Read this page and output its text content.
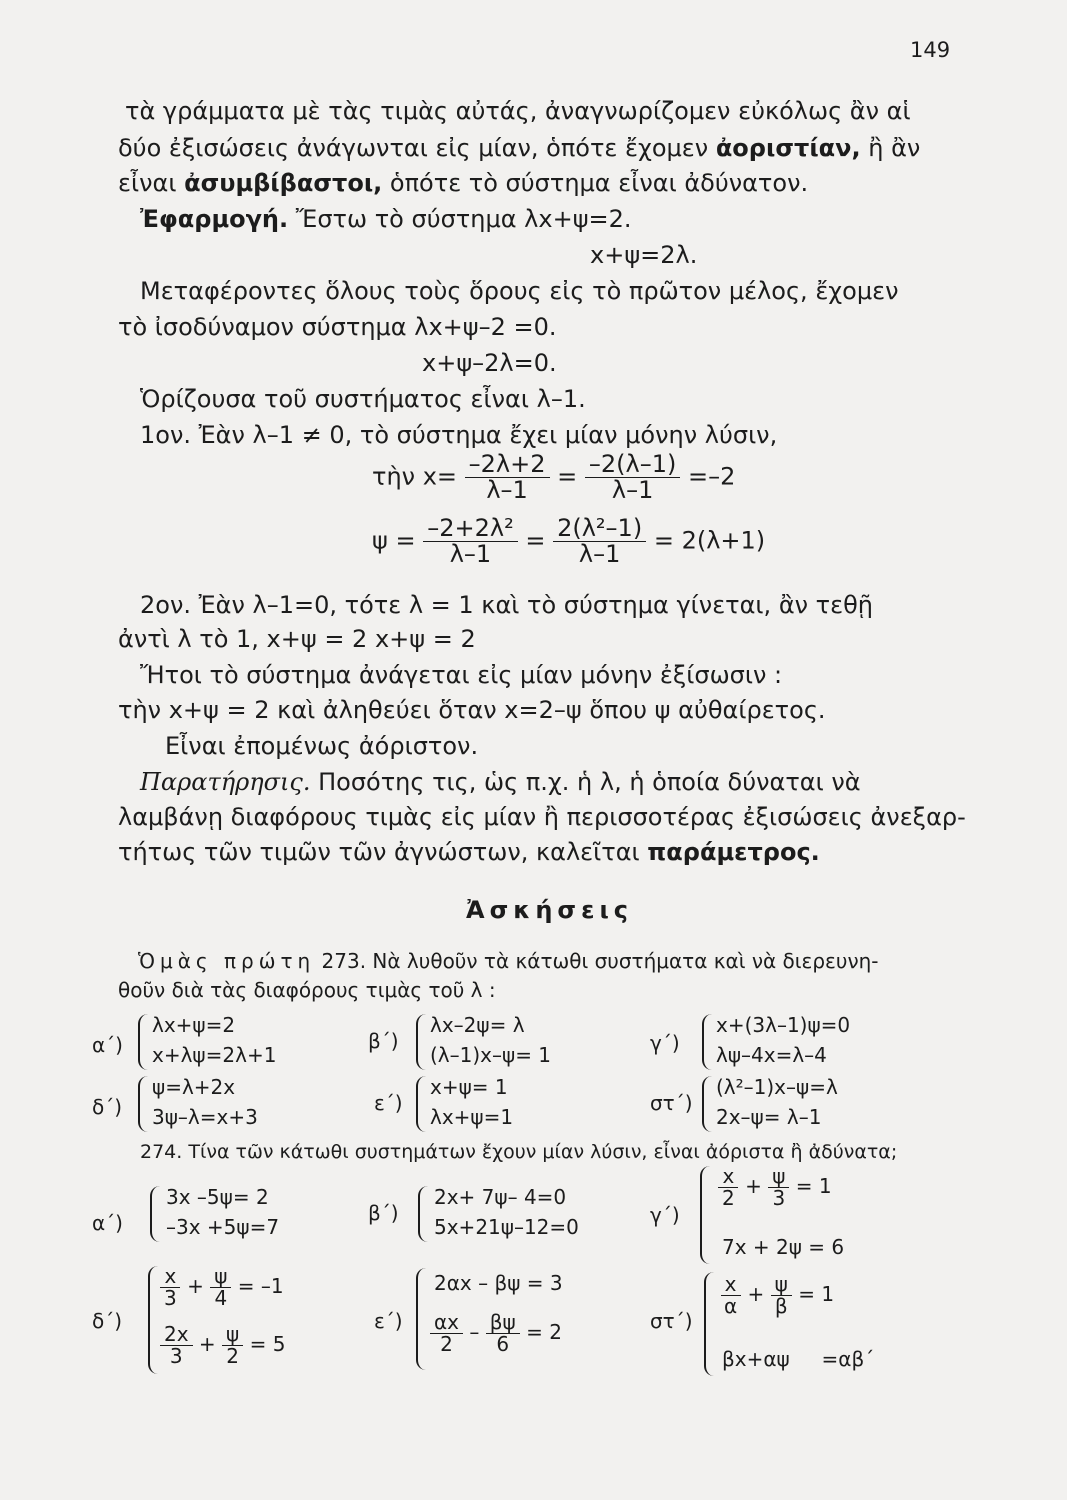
149
τὰ γράμματα μὲ τὰς τιμὰς αὐτάς, ἀναγνωρίζομεν εὐκόλως ἂν αἱ
δύο ἐξισώσεις ἀνάγωνται εἰς μίαν, ὁπότε ἔχομεν ἀοριστίαν, ἢ ἂν
εἶναι ἀσυμβίβαστοι, ὁπότε τὸ σύστημα εἶναι ἀδύνατον.
Ἐφαρμογή. Ἔστω τὸ σύστημα λx+ψ=2.
x+ψ=2λ.
Μεταφέροντες ὅλους τοὺς ὅρους εἰς τὸ πρῶτον μέλος, ἔχομεν
τὸ ἰσοδύναμον σύστημα λx+ψ–2 =0.
x+ψ–2λ=0.
Ὁρίζουσα τοῦ συστήματος εἶναι λ–1.
1ον. Ἐὰν λ–1 ≠ 0, τὸ σύστημα ἔχει μίαν μόνην λύσιν,
τὴν $x= \frac{-2\lambda+2}{\lambda-1} = \frac{-2(\lambda-1)}{\lambda-1} =-2$
$\psi = \frac{\text{–2+2λ²}}{\lambda-1} = \frac{\text{2(λ²–1)}}{\lambda-1} = 2(\lambda+1)$
2ον. Ἐὰν λ–1=0, τότε λ = 1 καὶ τὸ σύστημα γίνεται, ἂν τεθῇ
ἀντὶ λ τὸ 1, x+ψ = 2 x+ψ = 2
Ἤτοι τὸ σύστημα ἀνάγεται εἰς μίαν μόνην ἐξίσωσιν :
τὴν x+ψ = 2 καὶ ἀληθεύει ὅταν x=2–ψ ὅπου ψ αὐθαίρετος.
Εἶναι ἐπομένως ἀόριστον.
Παρατήρησις. Ποσότης τις, ὡς π.χ. ἡ λ, ἡ ὁποία δύναται νὰ
λαμβάνῃ διαφόρους τιμὰς εἰς μίαν ἢ περισσοτέρας ἐξισώσεις ἀνεξαρ-
τήτως τῶν τιμῶν τῶν ἀγνώστων, καλεῖται παράμετρος.
Ἀσκήσεις
Ὁμὰς πρώτη 273. Νὰ λυθοῦν τὰ κάτωθι συστήματα καὶ νὰ διερευνη-
θοῦν διὰ τὰς διαφόρους τιμὰς τοῦ λ :
α΄)
λx+ψ=2
x+λψ=2λ+1
β΄)
λx–2ψ= λ
(λ–1)x–ψ= 1	γ΄)
x+(3λ–1)ψ=0
λψ–4x=λ–4
δ΄)
ψ=λ+2x
3ψ–λ=x+3
ε΄)
x+ψ= 1
λx+ψ=1
στ΄)
(λ²–1)x–ψ=λ
2x–ψ= λ–1
274. Τίνα τῶν κάτωθι συστημάτων ἔχουν μίαν λύσιν, εἶναι ἀόριστα ἢ ἀδύνατα;
α΄)
3x –5ψ= 2
–3x +5ψ=7
β΄)
2x+ 7ψ– 4=0
5x+21ψ–12=0	γ΄)
$\frac{x}{2} + \frac{\psi}{3} = 1$
7x + 2ψ = 6
δ΄)
$\frac{x}{3} + \frac{\psi}{4} = -1$
$\frac{2x}{3} + \frac{\psi}{2} = 5$
ε΄)
2αx – βψ = 3
$\frac{\alpha x}{2} - \frac{\beta\psi}{6} = 2$	στ΄)
$\frac{x}{\alpha} + \frac{\psi}{\beta} = 1$
βx+αψ     =αβ΄
